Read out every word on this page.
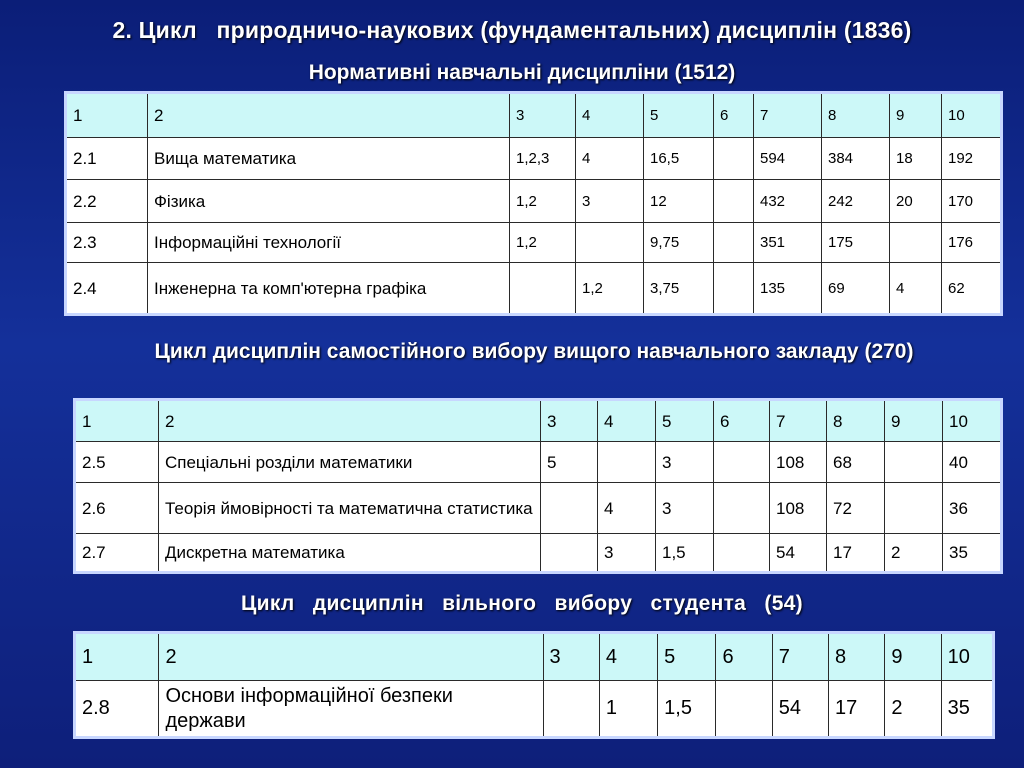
2. Цикл   природничо-наукових (фундаментальних) дисциплін (1836)
Нормативні навчальні дисципліни (1512)
1	2	3	4	5	6	7	8	9	10
2.1	Вища математика	1,2,3	4	16,5		594	384	18	192
2.2	Фізика	1,2	3	12		432	242	20	170
2.3	Інформаційні технології	1,2		9,75		351	175		176
2.4	Інженерна та комп'ютерна графіка		1,2	3,75		135	69	4	62
Цикл дисциплін самостійного вибору вищого навчального закладу (270)
1	2	3	4	5	6	7	8	9	10
2.5	Спеціальні розділи математики	5		3		108	68		40
2.6	Теорія ймовірності та математична статистика		4	3		108	72		36
2.7	Дискретна математика		3	1,5		54	17	2	35
Цикл  дисциплін  вільного  вибору  студента  (54)
1	2	3	4	5	6	7	8	9	10
2.8	Основи інформаційної безпеки держави		1	1,5		54	17	2	35
